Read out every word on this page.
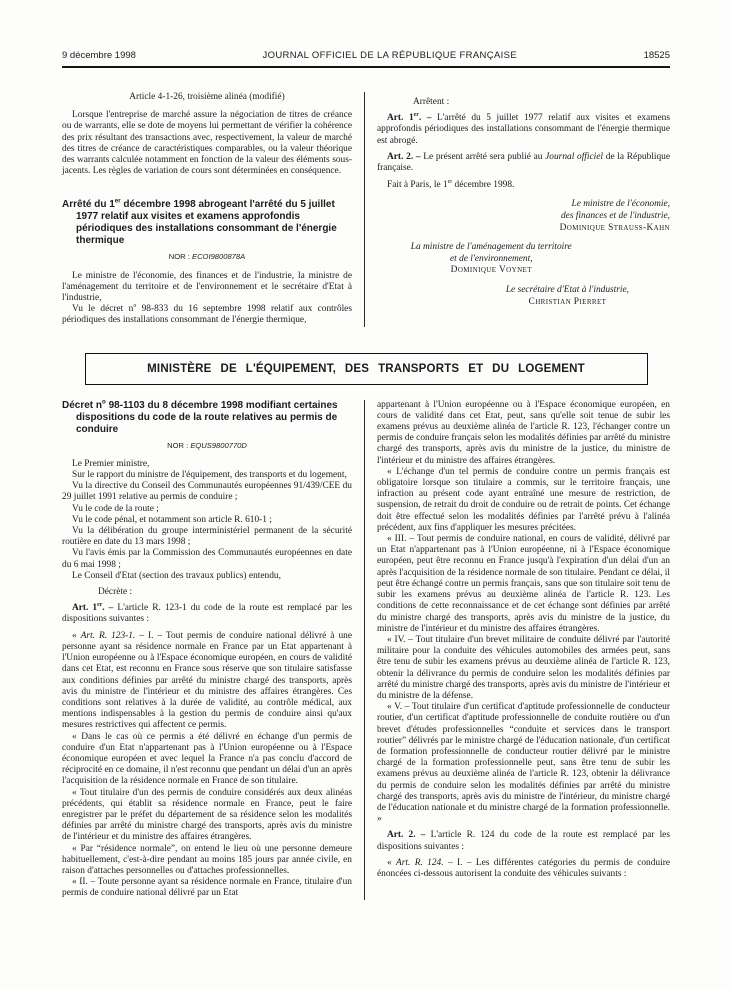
9 décembre 1998	JOURNAL OFFICIEL DE LA RÉPUBLIQUE FRANÇAISE	18525

Article 4-1-26, troisième alinéa (modifié)

Lorsque l'entreprise de marché assure la négociation de titres de créance ou de warrants, elle se dote de moyens lui permettant de vérifier la cohérence des prix résultant des transactions avec, respectivement, la valeur de marché des titres de créance de caractéristiques comparables, ou la valeur théorique des warrants calculée notamment en fonction de la valeur des éléments sous-jacents. Les règles de variation de cours sont déterminées en conséquence.

Arrêté du 1er décembre 1998 abrogeant l'arrêté du 5 juillet 1977 relatif aux visites et examens approfondis périodiques des installations consommant de l'énergie thermique

NOR : ECOI9800878A

Le ministre de l'économie, des finances et de l'industrie, la ministre de l'aménagement du territoire et de l'environnement et le secrétaire d'Etat à l'industrie,

Vu le décret $n^o$ 98-833 du 16 septembre 1998 relatif aux contrôles périodiques des installations consommant de l'énergie thermique,

Arrêtent :

Art. 1er. – L'arrêté du 5 juillet 1977 relatif aux visites et examens approfondis périodiques des installations consommant de l'énergie thermique est abrogé.

Art. 2. – Le présent arrêté sera publié au Journal officiel de la République française.

Fait à Paris, le 1er décembre 1998.

Le ministre de l'économie,
des finances et de l'industrie,
Dominique Strauss-Kahn
La ministre de l'aménagement du territoire
et de l'environnement,
Dominique Voynet
Le secrétaire d'Etat à l'industrie,
Christian Pierret
MINISTÈRE DE L'ÉQUIPEMENT, DES TRANSPORTS ET DU LOGEMENT

Décret $n^o$ 98-1103 du 8 décembre 1998 modifiant certaines dispositions du code de la route relatives au permis de conduire

NOR : EQUS9800770D

Le Premier ministre,

Sur le rapport du ministre de l'équipement, des transports et du logement,

Vu la directive du Conseil des Communautés européennes 91/439/CEE du 29 juillet 1991 relative au permis de conduire ;

Vu le code de la route ;

Vu le code pénal, et notamment son article R. 610-1 ;

Vu la délibération du groupe interministériel permanent de la sécurité routière en date du 13 mars 1998 ;

Vu l'avis émis par la Commission des Communautés européennes en date du 6 mai 1998 ;

Le Conseil d'Etat (section des travaux publics) entendu,

Décrète :

Art. 1er. – L'article R. 123-1 du code de la route est remplacé par les dispositions suivantes :

« Art. R. 123-1. – I. – Tout permis de conduire national délivré à une personne ayant sa résidence normale en France par un Etat appartenant à l'Union européenne ou à l'Espace économique européen, en cours de validité dans cet Etat, est reconnu en France sous réserve que son titulaire satisfasse aux conditions définies par arrêté du ministre chargé des transports, après avis du ministre de l'intérieur et du ministre des affaires étrangères. Ces conditions sont relatives à la durée de validité, au contrôle médical, aux mentions indispensables à la gestion du permis de conduire ainsi qu'aux mesures restrictives qui affectent ce permis.

« Dans le cas où ce permis a été délivré en échange d'un permis de conduire d'un Etat n'appartenant pas à l'Union européenne ou à l'Espace économique européen et avec lequel la France n'a pas conclu d'accord de réciprocité en ce domaine, il n'est reconnu que pendant un délai d'un an après l'acquisition de la résidence normale en France de son titulaire.

« Tout titulaire d'un des permis de conduire considérés aux deux alinéas précédents, qui établit sa résidence normale en France, peut le faire enregistrer par le préfet du département de sa résidence selon les modalités définies par arrêté du ministre chargé des transports, après avis du ministre de l'intérieur et du ministre des affaires étrangères.

« Par “résidence normale”, on entend le lieu où une personne demeure habituellement, c'est-à-dire pendant au moins 185 jours par année civile, en raison d'attaches personnelles ou d'attaches professionnelles.

« II. – Toute personne ayant sa résidence normale en France, titulaire d'un permis de conduire national délivré par un Etat

appartenant à l'Union européenne ou à l'Espace économique européen, en cours de validité dans cet Etat, peut, sans qu'elle soit tenue de subir les examens prévus au deuxième alinéa de l'article R. 123, l'échanger contre un permis de conduire français selon les modalités définies par arrêté du ministre chargé des transports, après avis du ministre de la justice, du ministre de l'intérieur et du ministre des affaires étrangères.

« L'échange d'un tel permis de conduire contre un permis français est obligatoire lorsque son titulaire a commis, sur le territoire français, une infraction au présent code ayant entraîné une mesure de restriction, de suspension, de retrait du droit de conduire ou de retrait de points. Cet échange doit être effectué selon les modalités définies par l'arrêté prévu à l'alinéa précédent, aux fins d'appliquer les mesures précitées.

« III. – Tout permis de conduire national, en cours de validité, délivré par un Etat n'appartenant pas à l'Union européenne, ni à l'Espace économique européen, peut être reconnu en France jusqu'à l'expiration d'un délai d'un an après l'acquisition de la résidence normale de son titulaire. Pendant ce délai, il peut être échangé contre un permis français, sans que son titulaire soit tenu de subir les examens prévus au deuxième alinéa de l'article R. 123. Les conditions de cette reconnaissance et de cet échange sont définies par arrêté du ministre chargé des transports, après avis du ministre de la justice, du ministre de l'intérieur et du ministre des affaires étrangères.

« IV. – Tout titulaire d'un brevet militaire de conduite délivré par l'autorité militaire pour la conduite des véhicules automobiles des armées peut, sans être tenu de subir les examens prévus au deuxième alinéa de l'article R. 123, obtenir la délivrance du permis de conduire selon les modalités définies par arrêté du ministre chargé des transports, après avis du ministre de l'intérieur et du ministre de la défense.

« V. – Tout titulaire d'un certificat d'aptitude professionnelle de conducteur routier, d'un certificat d'aptitude professionnelle de conduite routière ou d'un brevet d'études professionnelles “conduite et services dans le transport routier” délivrés par le ministre chargé de l'éducation nationale, d'un certificat de formation professionnelle de conducteur routier délivré par le ministre chargé de la formation professionnelle peut, sans être tenu de subir les examens prévus au deuxième alinéa de l'article R. 123, obtenir la délivrance du permis de conduire selon les modalités définies par arrêté du ministre chargé des transports, après avis du ministre de l'intérieur, du ministre chargé de l'éducation nationale et du ministre chargé de la formation professionnelle. »

Art. 2. – L'article R. 124 du code de la route est remplacé par les dispositions suivantes :

« Art. R. 124. – I. – Les différentes catégories du permis de conduire énoncées ci-dessous autorisent la conduite des véhicules suivants :
